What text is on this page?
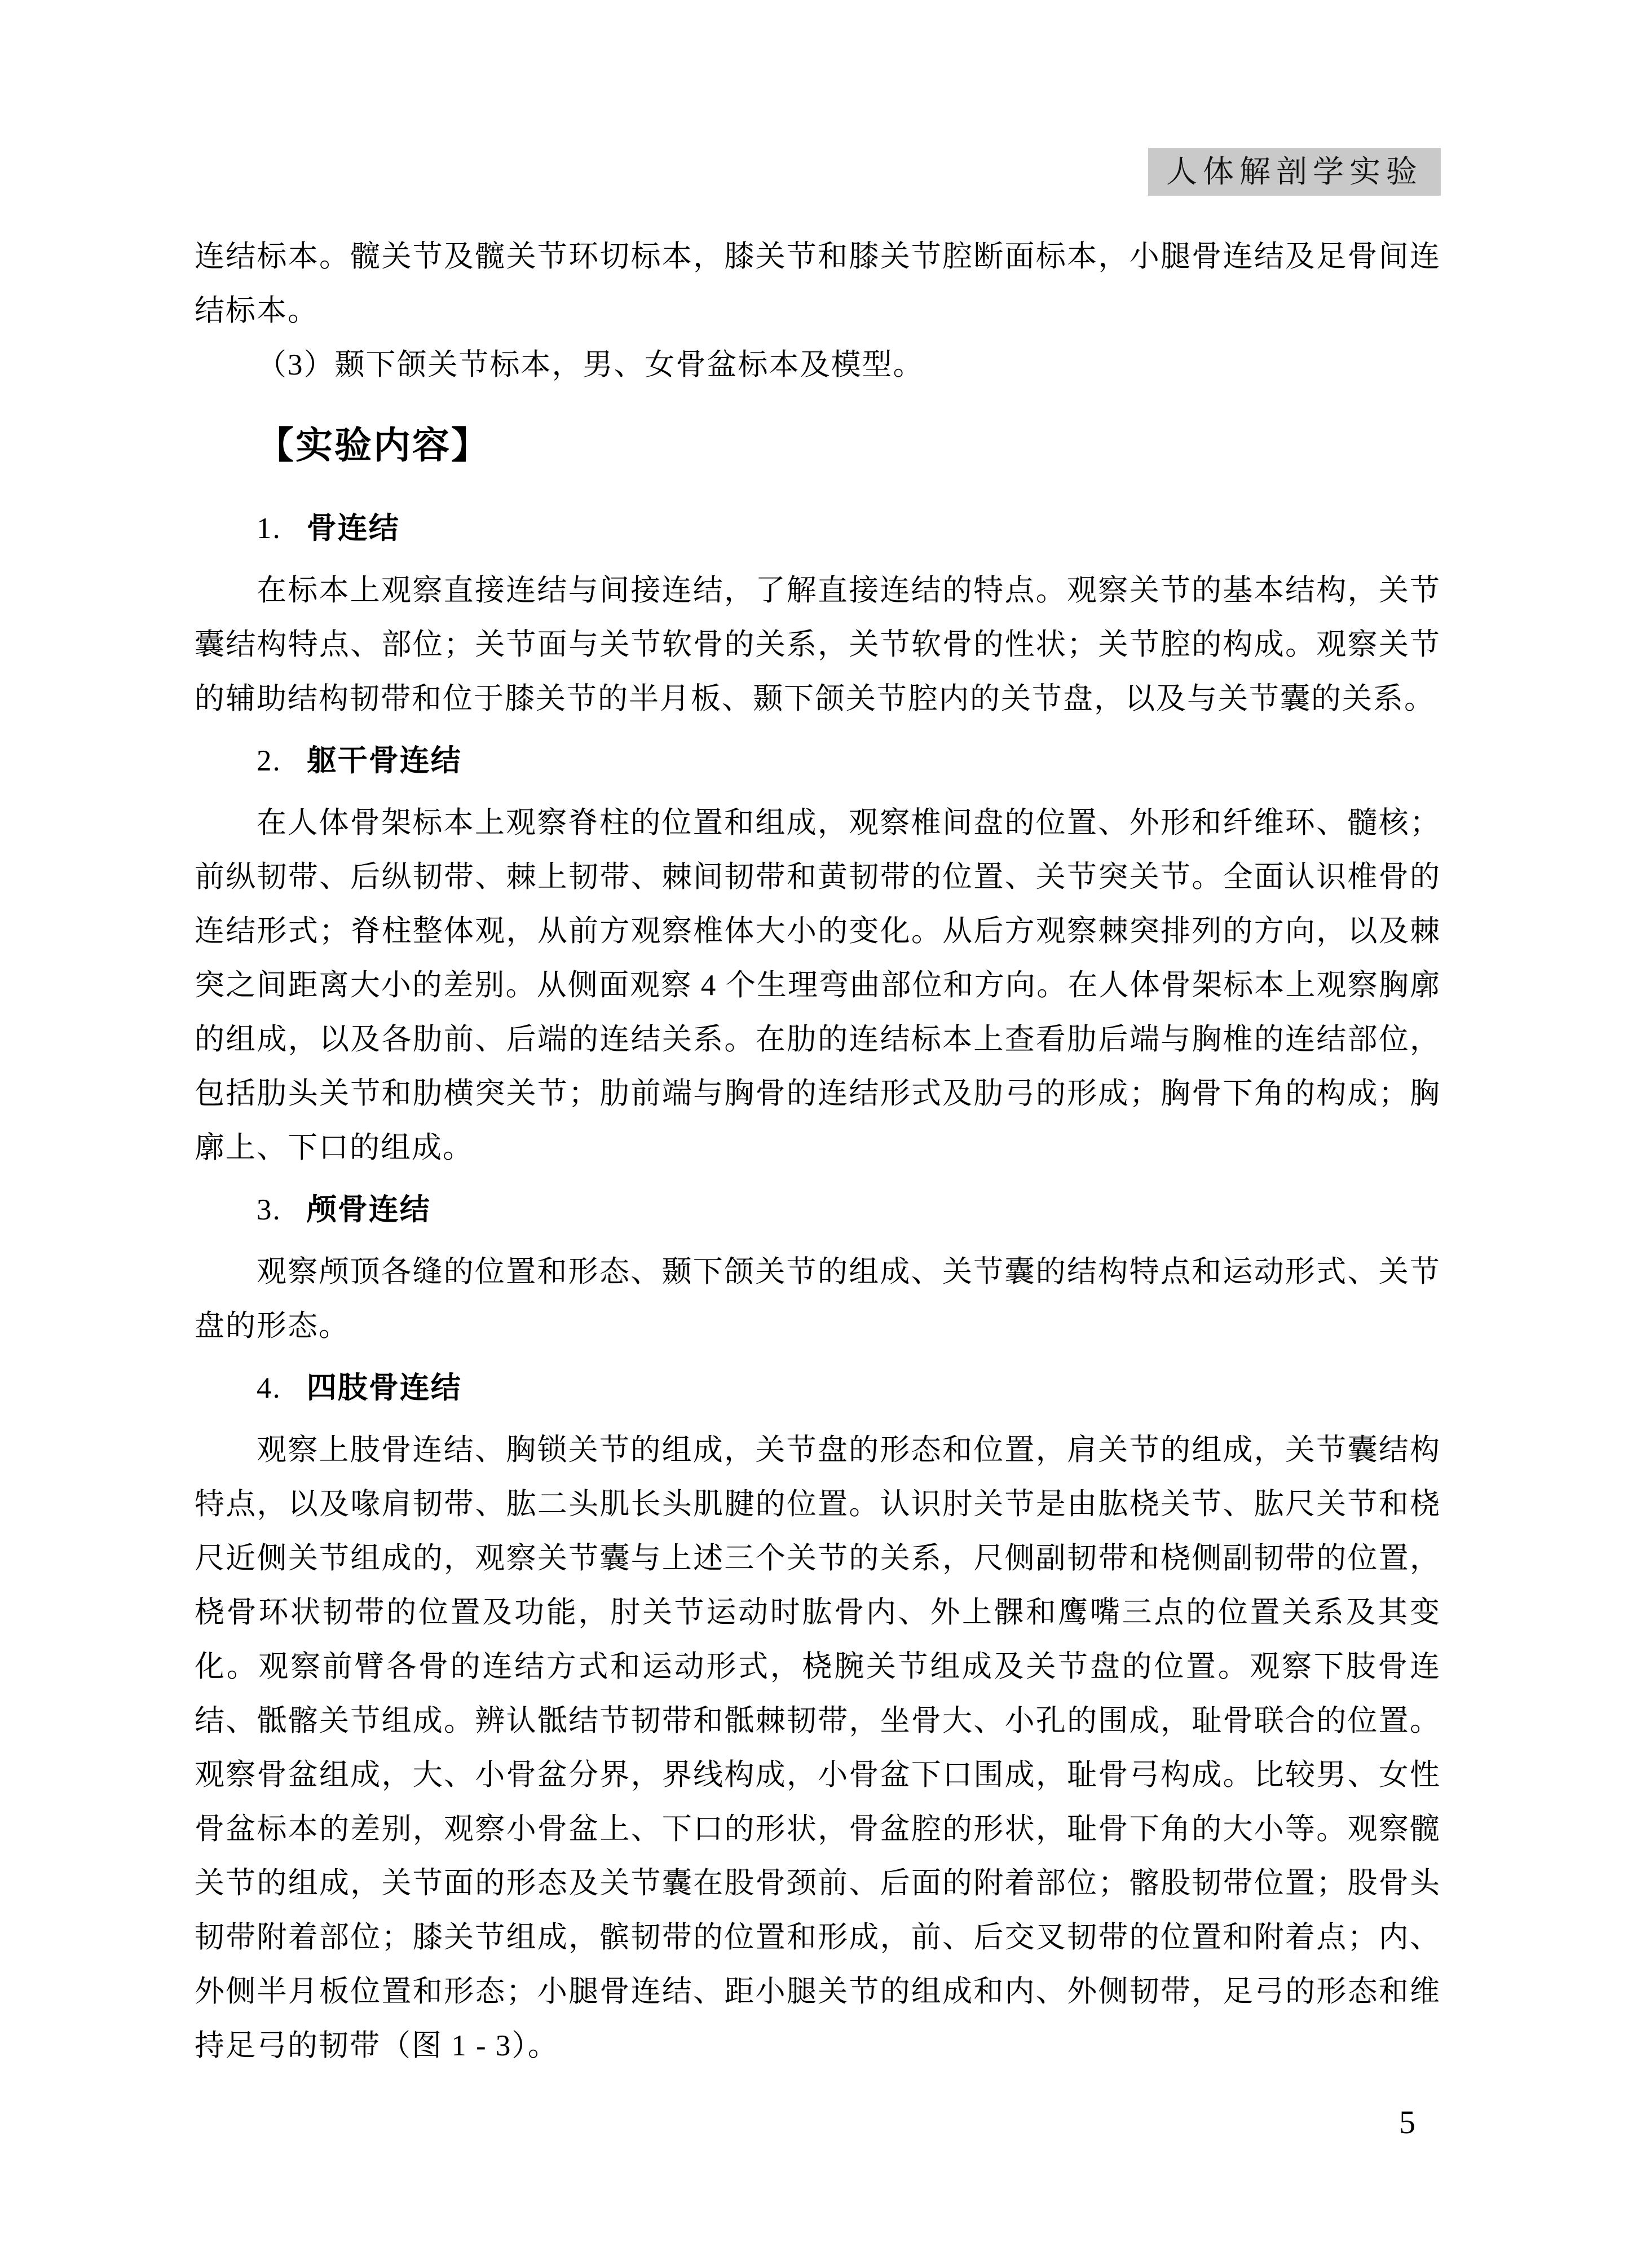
人体解剖学实验

连结标本。髋关节及髋关节环切标本，膝关节和膝关节腔断面标本，小腿骨连结及足骨间连结标本。

（3）颞下颌关节标本，男、女骨盆标本及模型。

【实验内容】
1. 骨连结

在标本上观察直接连结与间接连结，了解直接连结的特点。观察关节的基本结构，关节囊结构特点、部位；关节面与关节软骨的关系，关节软骨的性状；关节腔的构成。观察关节的辅助结构韧带和位于膝关节的半月板、颞下颌关节腔内的关节盘，以及与关节囊的关系。

2. 躯干骨连结

在人体骨架标本上观察脊柱的位置和组成，观察椎间盘的位置、外形和纤维环、髓核；前纵韧带、后纵韧带、棘上韧带、棘间韧带和黄韧带的位置、关节突关节。全面认识椎骨的连结形式；脊柱整体观，从前方观察椎体大小的变化。从后方观察棘突排列的方向，以及棘突之间距离大小的差别。从侧面观察 4 个生理弯曲部位和方向。在人体骨架标本上观察胸廓的组成，以及各肋前、后端的连结关系。在肋的连结标本上查看肋后端与胸椎的连结部位，包括肋头关节和肋横突关节；肋前端与胸骨的连结形式及肋弓的形成；胸骨下角的构成；胸廓上、下口的组成。

3. 颅骨连结

观察颅顶各缝的位置和形态、颞下颌关节的组成、关节囊的结构特点和运动形式、关节盘的形态。

4. 四肢骨连结

观察上肢骨连结、胸锁关节的组成，关节盘的形态和位置，肩关节的组成，关节囊结构特点，以及喙肩韧带、肱二头肌长头肌腱的位置。认识肘关节是由肱桡关节、肱尺关节和桡尺近侧关节组成的，观察关节囊与上述三个关节的关系，尺侧副韧带和桡侧副韧带的位置，桡骨环状韧带的位置及功能，肘关节运动时肱骨内、外上髁和鹰嘴三点的位置关系及其变化。观察前臂各骨的连结方式和运动形式，桡腕关节组成及关节盘的位置。观察下肢骨连结、骶髂关节组成。辨认骶结节韧带和骶棘韧带，坐骨大、小孔的围成，耻骨联合的位置。观察骨盆组成，大、小骨盆分界，界线构成，小骨盆下口围成，耻骨弓构成。比较男、女性骨盆标本的差别，观察小骨盆上、下口的形状，骨盆腔的形状，耻骨下角的大小等。观察髋关节的组成，关节面的形态及关节囊在股骨颈前、后面的附着部位；髂股韧带位置；股骨头韧带附着部位；膝关节组成，髌韧带的位置和形成，前、后交叉韧带的位置和附着点；内、外侧半月板位置和形态；小腿骨连结、距小腿关节的组成和内、外侧韧带，足弓的形态和维持足弓的韧带（图 1 - 3）。

5
